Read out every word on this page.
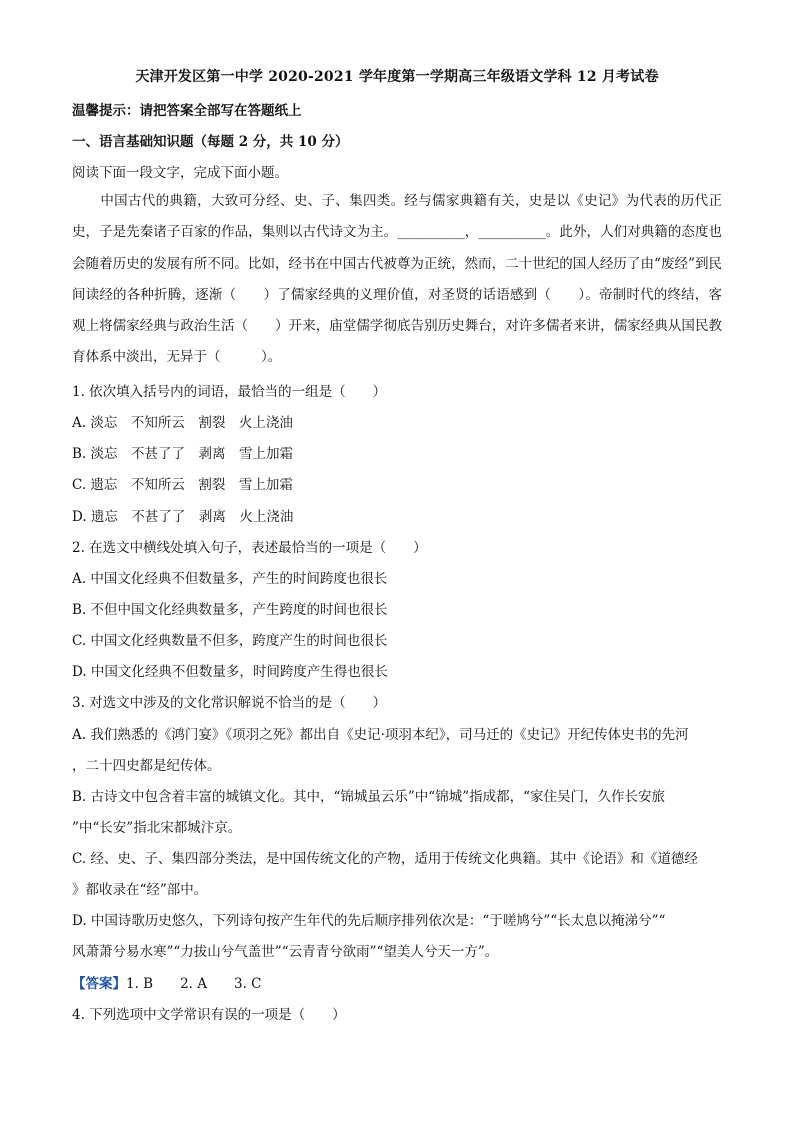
天津开发区第一中学 2020-2021 学年度第一学期高三年级语文学科 12 月考试卷
温馨提示：请把答案全部写在答题纸上
一、语言基础知识题（每题 2 分，共 10 分）
阅读下面一段文字，完成下面小题。
中国古代的典籍，大致可分经、史、子、集四类。经与儒家典籍有关，史是以《史记》为代表的历代正史，子是先秦诸子百家的作品，集则以古代诗文为主。__________，__________。此外，人们对典籍的态度也会随着历史的发展有所不同。比如，经书在中国古代被尊为正统，然而，二十世纪的国人经历了由“废经”到民间读经的各种折腾，逐渐（　　）了儒家经典的义理价值，对圣贤的话语感到（　　）。帝制时代的终结，客观上将儒家经典与政治生活（　　）开来，庙堂儒学彻底告别历史舞台，对许多儒者来讲，儒家经典从国民教育体系中淡出，无异于（　　　）。
1. 依次填入括号内的词语，最恰当的一组是（　　）
A. 淡忘　不知所云　割裂　火上浇油
B. 淡忘　不甚了了　剥离　雪上加霜
C. 遗忘　不知所云　割裂　雪上加霜
D. 遗忘　不甚了了　剥离　火上浇油
2. 在选文中横线处填入句子，表述最恰当的一项是（　　）
A. 中国文化经典不但数量多，产生的时间跨度也很长
B. 不但中国文化经典数量多，产生跨度的时间也很长
C. 中国文化经典数量不但多，跨度产生的时间也很长
D. 中国文化经典不但数量多，时间跨度产生得也很长
3. 对选文中涉及的文化常识解说不恰当的是（　　）
A. 我们熟悉的《鸿门宴》《项羽之死》都出自《史记·项羽本纪》，司马迁的《史记》开纪传体史书的先河
，二十四史都是纪传体。
B. 古诗文中包含着丰富的城镇文化。其中，“锦城虽云乐”中“锦城”指成都，“家住吴门，久作长安旅
”中“长安”指北宋都城汴京。
C. 经、史、子、集四部分类法，是中国传统文化的产物，适用于传统文化典籍。其中《论语》和《道德经
》都收录在“经”部中。
D. 中国诗歌历史悠久，下列诗句按产生年代的先后顺序排列依次是：“于嗟鸠兮”“长太息以掩涕兮”“
风萧萧兮易水寒”“力拔山兮气盖世”“云青青兮欲雨”“望美人兮天一方”。
【答案】1. B　　2. A　　3. C
4. 下列选项中文学常识有误的一项是（　　）
